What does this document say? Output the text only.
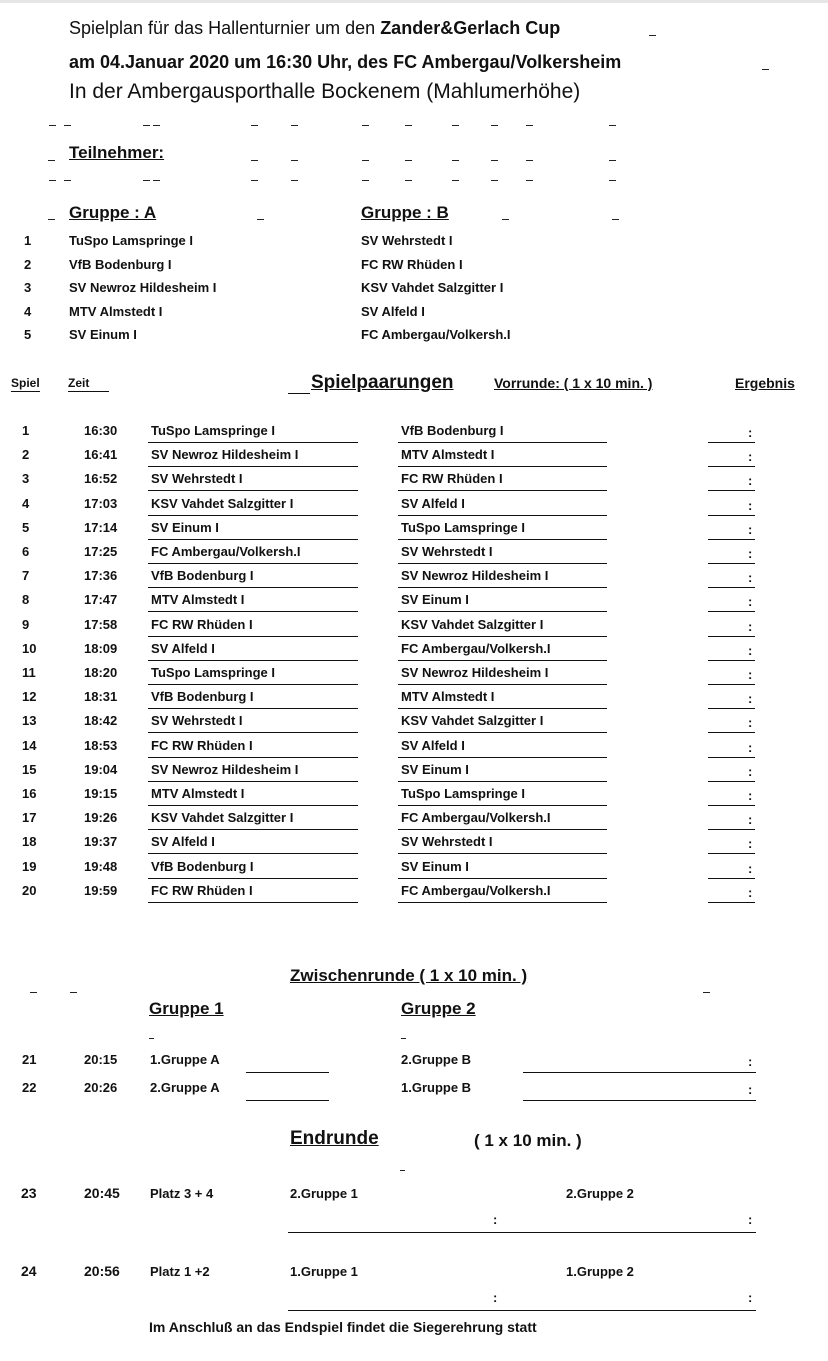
Spielplan für das Hallenturnier um den Zander&Gerlach Cup
am 04.Januar 2020 um 16:30 Uhr, des FC Ambergau/Volkersheim
In der Ambergausporthalle Bockenem (Mahlumerhöhe)
Teilnehmer:
Gruppe : A	Gruppe : B
1	TuSpo Lamspringe I	SV Wehrstedt I
2	VfB Bodenburg I	FC RW Rhüden I
3	SV Newroz Hildesheim I	KSV Vahdet Salzgitter I
4	MTV Almstedt I	SV Alfeld I
5	SV Einum I	FC Ambergau/Volkersh.I
Spiel Zeit	Spielpaarungen	Vorrunde: ( 1 x 10 min. )	Ergebnis
1	16:30	TuSpo Lamspringe I	VfB Bodenburg I	:
2	16:41	SV Newroz Hildesheim I	MTV Almstedt I	:
3	16:52	SV Wehrstedt I	FC RW Rhüden I	:
4	17:03	KSV Vahdet Salzgitter I	SV Alfeld I	:
5	17:14	SV Einum I	TuSpo Lamspringe I	:
6	17:25	FC Ambergau/Volkersh.I	SV Wehrstedt I	:
7	17:36	VfB Bodenburg I	SV Newroz Hildesheim I	:
8	17:47	MTV Almstedt I	SV Einum I	:
9	17:58	FC RW Rhüden I	KSV Vahdet Salzgitter I	:
10	18:09	SV Alfeld I	FC Ambergau/Volkersh.I	:
11	18:20	TuSpo Lamspringe I	SV Newroz Hildesheim I	:
12	18:31	VfB Bodenburg I	MTV Almstedt I	:
13	18:42	SV Wehrstedt I	KSV Vahdet Salzgitter I	:
14	18:53	FC RW Rhüden I	SV Alfeld I	:
15	19:04	SV Newroz Hildesheim I	SV Einum I	:
16	19:15	MTV Almstedt I	TuSpo Lamspringe I	:
17	19:26	KSV Vahdet Salzgitter I	FC Ambergau/Volkersh.I	:
18	19:37	SV Alfeld I	SV Wehrstedt I	:
19	19:48	VfB Bodenburg I	SV Einum I	:
20	19:59	FC RW Rhüden I	FC Ambergau/Volkersh.I	:
Zwischenrunde ( 1 x 10 min. )
Gruppe 1	Gruppe 2
21	20:15	1.Gruppe A	2.Gruppe B	:
22	20:26	2.Gruppe A	1.Gruppe B	:
Endrunde	( 1 x 10 min. )
23	20:45 Platz 3 + 4	2.Gruppe 1	2.Gruppe 2
:	:
24	20:56 Platz 1 +2	1.Gruppe 1	1.Gruppe 2
:	:
Im Anschluß an das Endspiel findet die Siegerehrung statt
